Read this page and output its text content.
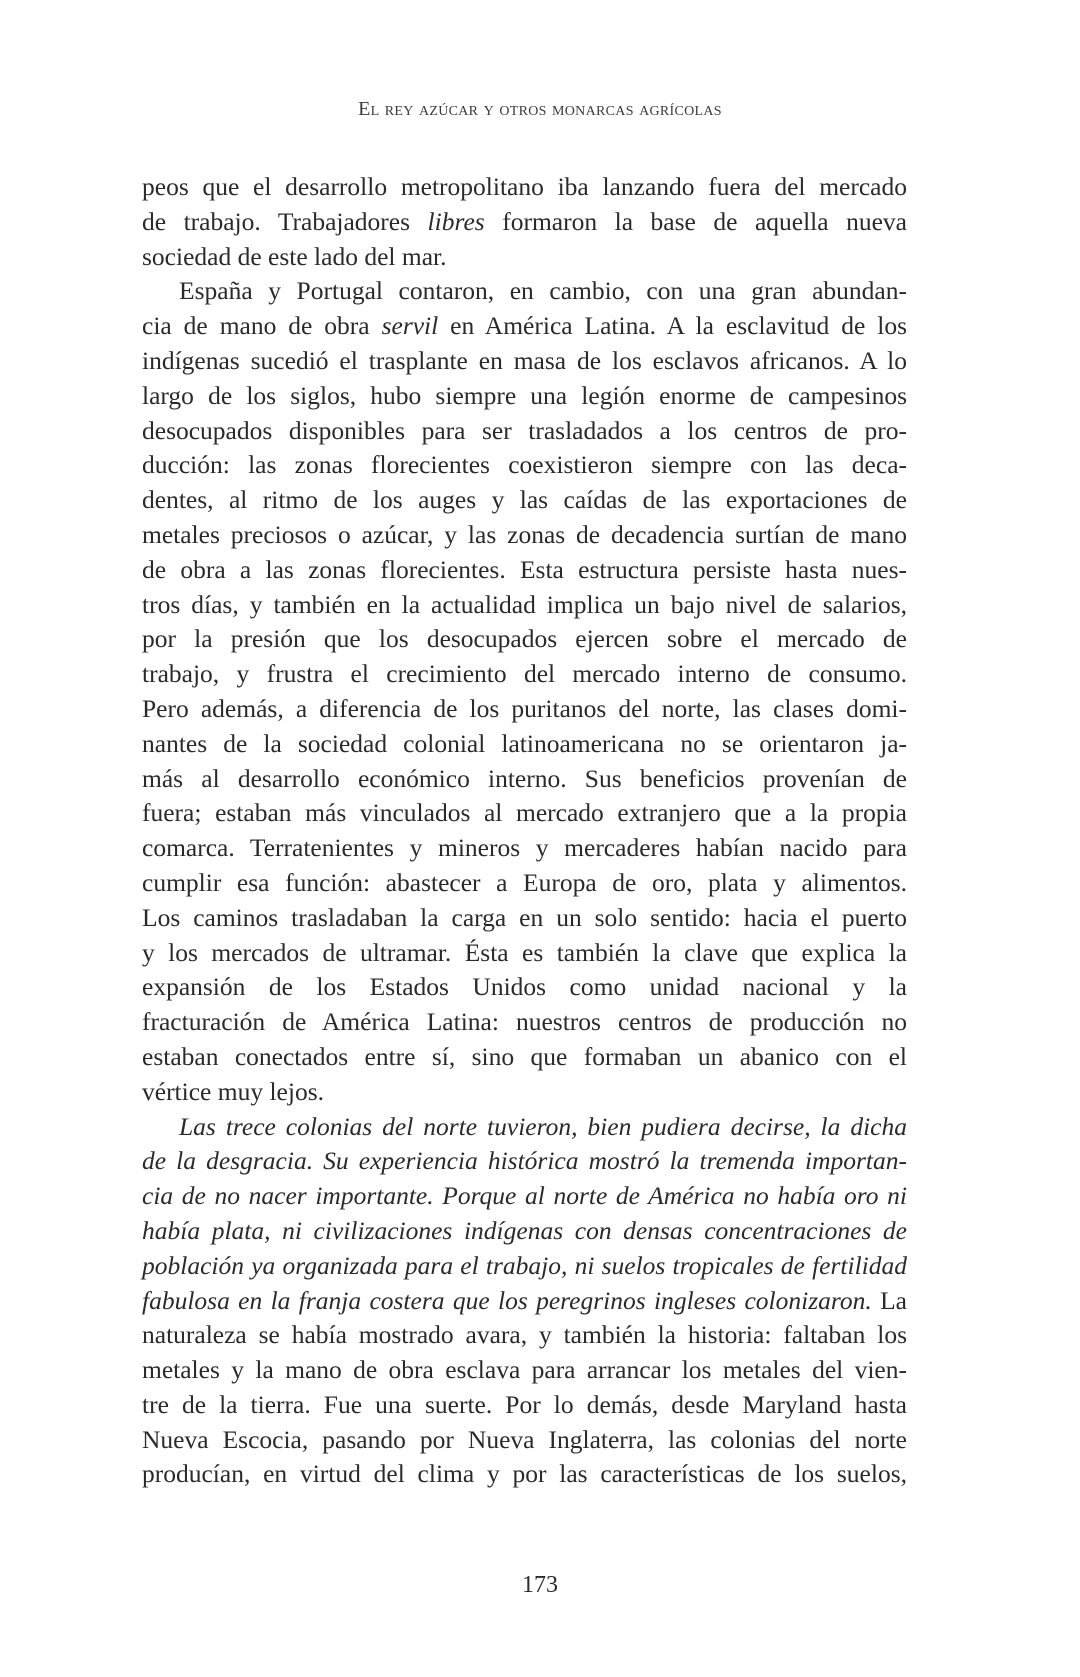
El rey azúcar y otros monarcas agrícolas
peos que el desarrollo metropolitano iba lanzando fuera del mercado
de trabajo. Trabajadores libres formaron la base de aquella nueva
sociedad de este lado del mar.
España y Portugal contaron, en cambio, con una gran abundan-
cia de mano de obra servil en América Latina. A la esclavitud de los
indígenas sucedió el trasplante en masa de los esclavos africanos. A lo
largo de los siglos, hubo siempre una legión enorme de campesinos
desocupados disponibles para ser trasladados a los centros de pro-
ducción: las zonas florecientes coexistieron siempre con las deca-
dentes, al ritmo de los auges y las caídas de las exportaciones de
metales preciosos o azúcar, y las zonas de decadencia surtían de mano
de obra a las zonas florecientes. Esta estructura persiste hasta nues-
tros días, y también en la actualidad implica un bajo nivel de salarios,
por la presión que los desocupados ejercen sobre el mercado de
trabajo, y frustra el crecimiento del mercado interno de consumo.
Pero además, a diferencia de los puritanos del norte, las clases domi-
nantes de la sociedad colonial latinoamericana no se orientaron ja-
más al desarrollo económico interno. Sus beneficios provenían de
fuera; estaban más vinculados al mercado extranjero que a la propia
comarca. Terratenientes y mineros y mercaderes habían nacido para
cumplir esa función: abastecer a Europa de oro, plata y alimentos.
Los caminos trasladaban la carga en un solo sentido: hacia el puerto
y los mercados de ultramar. Ésta es también la clave que explica la
expansión de los Estados Unidos como unidad nacional y la
fracturación de América Latina: nuestros centros de producción no
estaban conectados entre sí, sino que formaban un abanico con el
vértice muy lejos.
Las trece colonias del norte tuvieron, bien pudiera decirse, la dicha
de la desgracia. Su experiencia histórica mostró la tremenda importan-
cia de no nacer importante. Porque al norte de América no había oro ni
había plata, ni civilizaciones indígenas con densas concentraciones de
población ya organizada para el trabajo, ni suelos tropicales de fertilidad
fabulosa en la franja costera que los peregrinos ingleses colonizaron. La
naturaleza se había mostrado avara, y también la historia: faltaban los
metales y la mano de obra esclava para arrancar los metales del vien-
tre de la tierra. Fue una suerte. Por lo demás, desde Maryland hasta
Nueva Escocia, pasando por Nueva Inglaterra, las colonias del norte
producían, en virtud del clima y por las características de los suelos,
173
